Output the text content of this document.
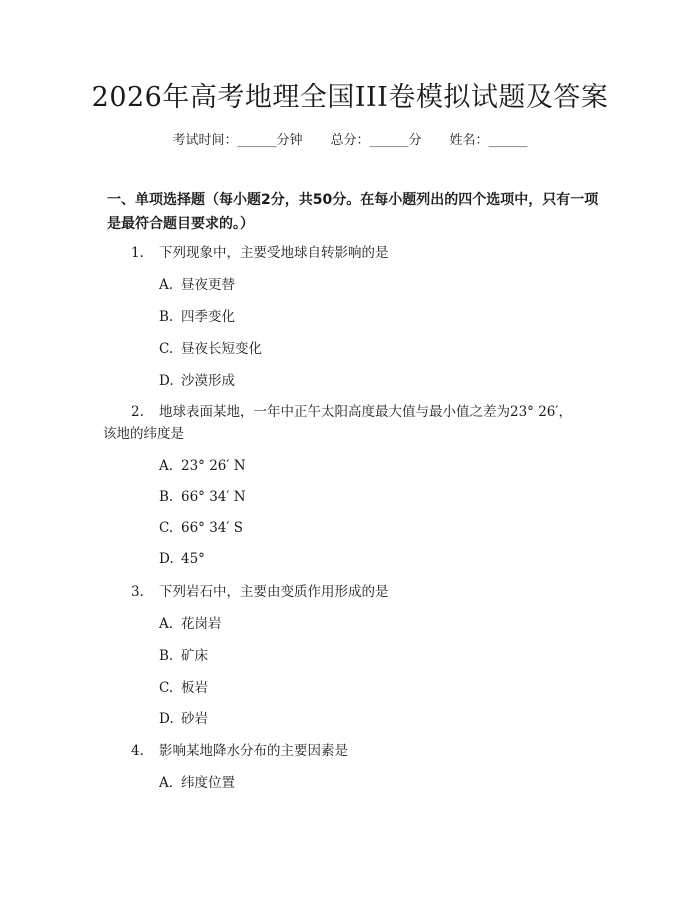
2026年高考地理全国III卷模拟试题及答案
考试时间：______分钟 总分：______分 姓名：______
一、单项选择题（每小题2分，共50分。在每小题列出的四个选项中，只有一项
是最符合题目要求的。）
1. 下列现象中，主要受地球自转影响的是
A. 昼夜更替
B. 四季变化
C. 昼夜长短变化
D. 沙漠形成
2. 地球表面某地，一年中正午太阳高度最大值与最小值之差为23° 26′，
该地的纬度是
A. 23° 26′ N
B. 66° 34′ N
C. 66° 34′ S
D. 45°
3. 下列岩石中，主要由变质作用形成的是
A. 花岗岩
B. 矿床
C. 板岩
D. 砂岩
4. 影响某地降水分布的主要因素是
A. 纬度位置
